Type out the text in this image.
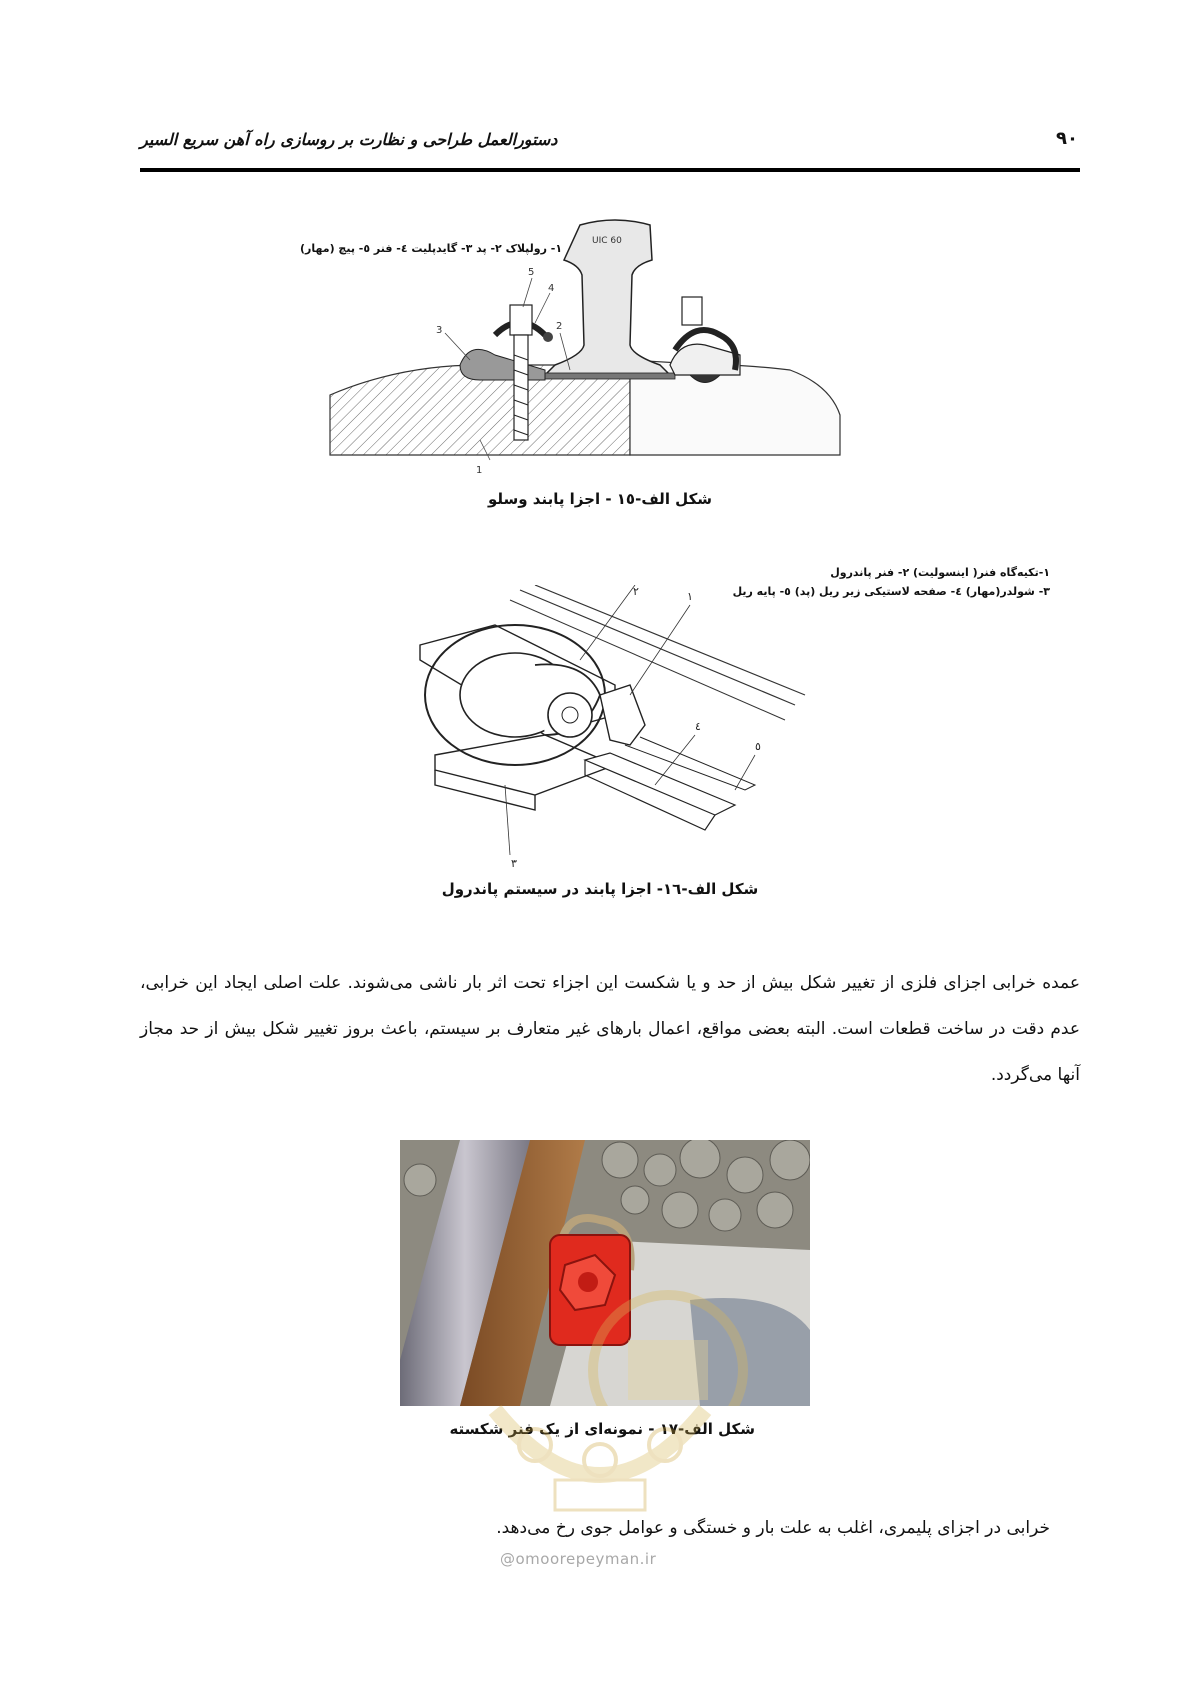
دستورالعمل طراحی و نظارت بر روسازی راه آهن سریع السیر	۹۰
۱- رولپلاک ۲- پد ۳- گایدپلیت ٤- فنر ٥- پیچ (مهار)
UIC 60
1
2
3
4
5
شکل الف-۱٥ - اجزا پابند وسلو
۱-تکیه‌گاه فنر( اینسولیت) ۲- فنر پاندرول
۳- شولدر(مهار) ٤- صفحه لاستیکی زیر ریل (پد) ٥- پایه ریل
۲	۱
۳
٤
٥
شکل الف-۱٦- اجزا پابند در سیستم پاندرول
عمده خرابی اجزای فلزی از تغییر شکل بیش از حد و یا شکست این اجزاء تحت اثر بار ناشی می‌شوند. علت اصلی ایجاد این خرابی، عدم دقت در ساخت قطعات است. البته بعضی مواقع، اعمال بارهای غیر متعارف بر سیستم، باعث بروز تغییر شکل بیش از حد مجاز آنها می‌گردد.
شکل الف-۱۷ - نمونه‌ای از یک فنر شکسته
خرابی در اجزای پلیمری، اغلب به علت بار و خستگی و عوامل جوی رخ می‌دهد.
@omoorepeyman.ir
